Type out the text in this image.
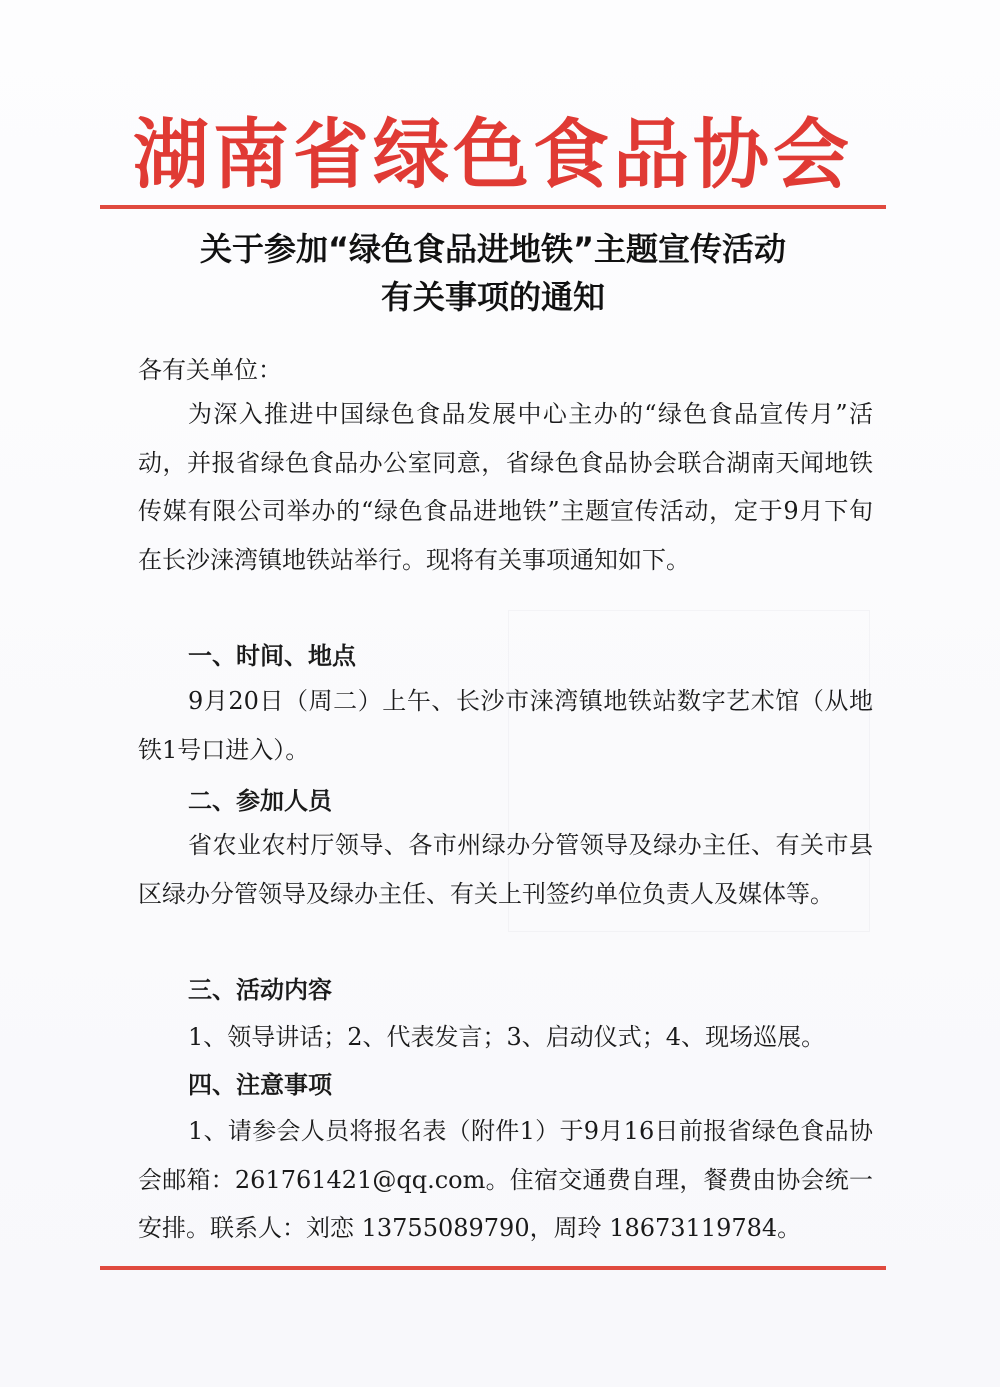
湖南省绿色食品协会
关于参加“绿色食品进地铁”主题宣传活动
有关事项的通知
各有关单位：
为深入推进中国绿色食品发展中心主办的“绿色食品宣传月”活动，并报省绿色食品办公室同意，省绿色食品协会联合湖南天闻地铁传媒有限公司举办的“绿色食品进地铁”主题宣传活动，定于9月下旬在长沙涞湾镇地铁站举行。现将有关事项通知如下。
一、时间、地点
9月20日（周二）上午、长沙市涞湾镇地铁站数字艺术馆（从地铁1号口进入）。
二、参加人员
省农业农村厅领导、各市州绿办分管领导及绿办主任、有关市县区绿办分管领导及绿办主任、有关上刊签约单位负责人及媒体等。
三、活动内容
1、领导讲话；2、代表发言；3、启动仪式；4、现场巡展。
四、注意事项
1、请参会人员将报名表（附件1）于9月16日前报省绿色食品协会邮箱：261761421@qq.com。住宿交通费自理，餐费由协会统一安排。联系人：刘恋 13755089790，周玲 18673119784。
